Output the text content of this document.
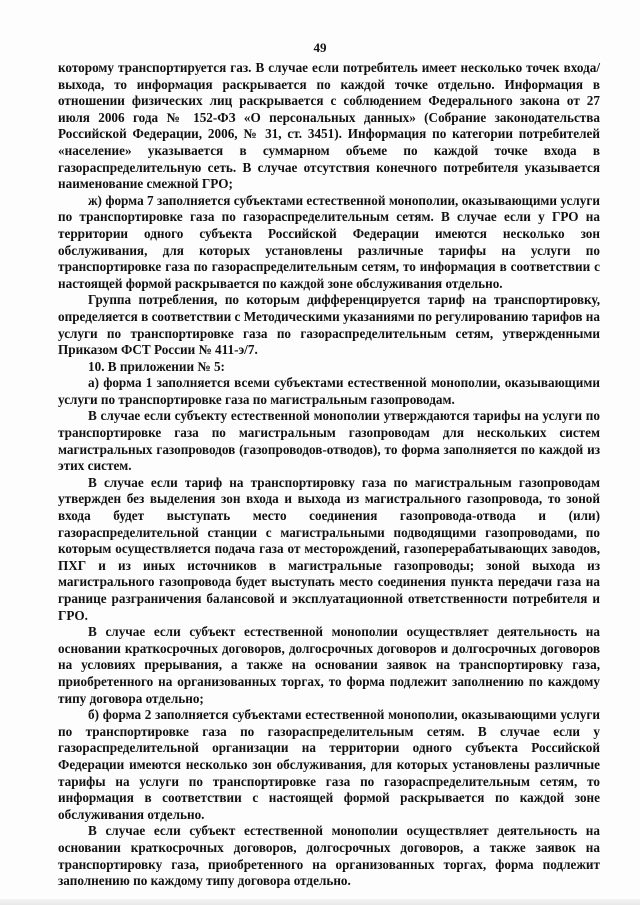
49

которому транспортируется газ. В случае если потребитель имеет несколько точек входа/выхода, то информация раскрывается по каждой точке отдельно. Информация в отношении физических лиц раскрывается с соблюдением Федерального закона от 27 июля 2006 года № 152-ФЗ «О персональных данных» (Собрание законодательства Российской Федерации, 2006, № 31, ст. 3451). Информация по категории потребителей «население» указывается в суммарном объеме по каждой точке входа в газораспределительную сеть. В случае отсутствия конечного потребителя указывается наименование смежной ГРО;

ж) форма 7 заполняется субъектами естественной монополии, оказывающими услуги по транспортировке газа по газораспределительным сетям. В случае если у ГРО на территории одного субъекта Российской Федерации имеются несколько зон обслуживания, для которых установлены различные тарифы на услуги по транспортировке газа по газораспределительным сетям, то информация в соответствии с настоящей формой раскрывается по каждой зоне обслуживания отдельно.

Группа потребления, по которым дифференцируется тариф на транспортировку, определяется в соответствии с Методическими указаниями по регулированию тарифов на услуги по транспортировке газа по газораспределительным сетям, утвержденными Приказом ФСТ России № 411-э/7.

10. В приложении № 5:

а) форма 1 заполняется всеми субъектами естественной монополии, оказывающими услуги по транспортировке газа по магистральным газопроводам.

В случае если субъекту естественной монополии утверждаются тарифы на услуги по транспортировке газа по магистральным газопроводам для нескольких систем магистральных газопроводов (газопроводов-отводов), то форма заполняется по каждой из этих систем.

В случае если тариф на транспортировку газа по магистральным газопроводам утвержден без выделения зон входа и выхода из магистрального газопровода, то зоной входа будет выступать место соединения газопровода-отвода и (или) газораспределительной станции с магистральными подводящими газопроводами, по которым осуществляется подача газа от месторождений, газоперерабатывающих заводов, ПХГ и из иных источников в магистральные газопроводы; зоной выхода из магистрального газопровода будет выступать место соединения пункта передачи газа на границе разграничения балансовой и эксплуатационной ответственности потребителя и ГРО.

В случае если субъект естественной монополии осуществляет деятельность на основании краткосрочных договоров, долгосрочных договоров и долгосрочных договоров на условиях прерывания, а также на основании заявок на транспортировку газа, приобретенного на организованных торгах, то форма подлежит заполнению по каждому типу договора отдельно;

б) форма 2 заполняется субъектами естественной монополии, оказывающими услуги по транспортировке газа по газораспределительным сетям. В случае если у газораспределительной организации на территории одного субъекта Российской Федерации имеются несколько зон обслуживания, для которых установлены различные тарифы на услуги по транспортировке газа по газораспределительным сетям, то информация в соответствии с настоящей формой раскрывается по каждой зоне обслуживания отдельно.

В случае если субъект естественной монополии осуществляет деятельность на основании краткосрочных договоров, долгосрочных договоров, а также заявок на транспортировку газа, приобретенного на организованных торгах, форма подлежит заполнению по каждому типу договора отдельно.
